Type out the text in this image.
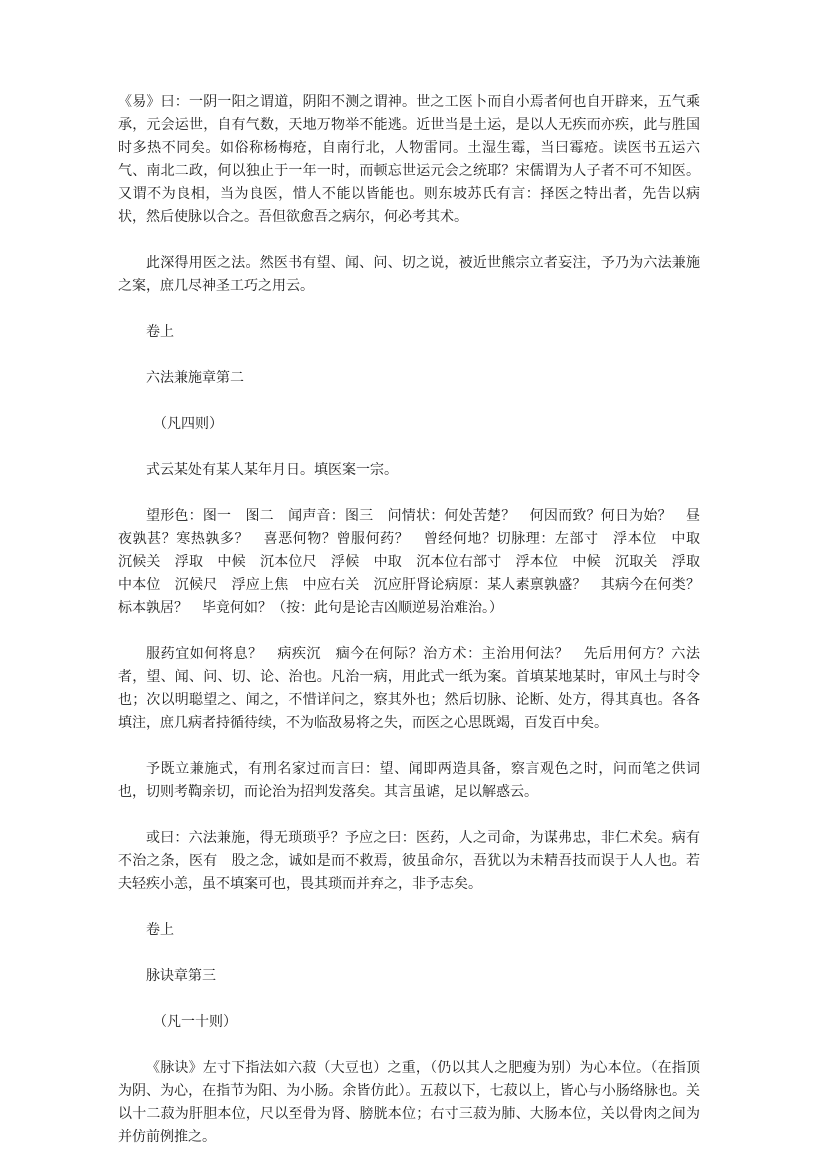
《易》曰：一阴一阳之谓道，阴阳不测之谓神。世之工医卜而自小焉者何也自开辟来，五气乘承，元会运世，自有气数，天地万物举不能逃。近世当是土运，是以人无疾而亦疾，此与胜国时多热不同矣。如俗称杨梅疮，自南行北，人物雷同。土湿生霉，当曰霉疮。读医书五运六气、南北二政，何以独止于一年一时，而顿忘世运元会之统耶？宋儒谓为人子者不可不知医。又谓不为良相，当为良医，惜人不能以皆能也。则东坡苏氏有言：择医之特出者，先告以病状，然后使脉以合之。吾但欲愈吾之病尔，何必考其术。

此深得用医之法。然医书有望、闻、问、切之说，被近世熊宗立者妄注，予乃为六法兼施之案，庶几尽神圣工巧之用云。

卷上
六法兼施章第二
（凡四则）

式云某处有某人某年月日。填医案一宗。

望形色：图一　图二　闻声音：图三　问情状：何处苦楚？　何因而致？何日为始？　昼夜孰甚？寒热孰多？　喜恶何物？曾服何药？　曾经何地？切脉理：左部寸　浮本位　中取　沉候关　浮取　中候　沉本位尺　浮候　中取　沉本位右部寸　浮本位　中候　沉取关　浮取　中本位　沉候尺　浮应上焦　中应右关　沉应肝肾论病原：某人素禀孰盛？　其病今在何类？标本孰居？　毕竟何如？（按：此句是论吉凶顺逆易治难治。）

服药宜如何将息？　病疾沉　痼今在何际？治方术：主治用何法？　先后用何方？六法者，望、闻、问、切、论、治也。凡治一病，用此式一纸为案。首填某地某时，审风土与时令也；次以明聪望之、闻之，不惜详问之，察其外也；然后切脉、论断、处方，得其真也。各各填注，庶几病者持循待续，不为临敌易将之失，而医之心思既竭，百发百中矣。

予既立兼施式，有刑名家过而言曰：望、闻即两造具备，察言观色之时，问而笔之供词也，切则考鞫亲切，而论治为招判发落矣。其言虽谑，足以解惑云。

或曰：六法兼施，得无琐琐乎？予应之曰：医药，人之司命，为谋弗忠，非仁术矣。病有不治之条，医有　股之念，诚如是而不救焉，彼虽命尔，吾犹以为未精吾技而误于人人也。若夫轻疾小恙，虽不填案可也，畏其琐而并弃之，非予志矣。

卷上
脉诀章第三
（凡一十则）

《脉诀》左寸下指法如六菽（大豆也）之重，（仍以其人之肥瘦为别）为心本位。（在指顶为阴、为心，在指节为阳、为小肠。余皆仿此）。五菽以下，七菽以上，皆心与小肠络脉也。关以十二菽为肝胆本位，尺以至骨为肾、膀胱本位；右寸三菽为肺、大肠本位，关以骨肉之间为并仿前例推之。
